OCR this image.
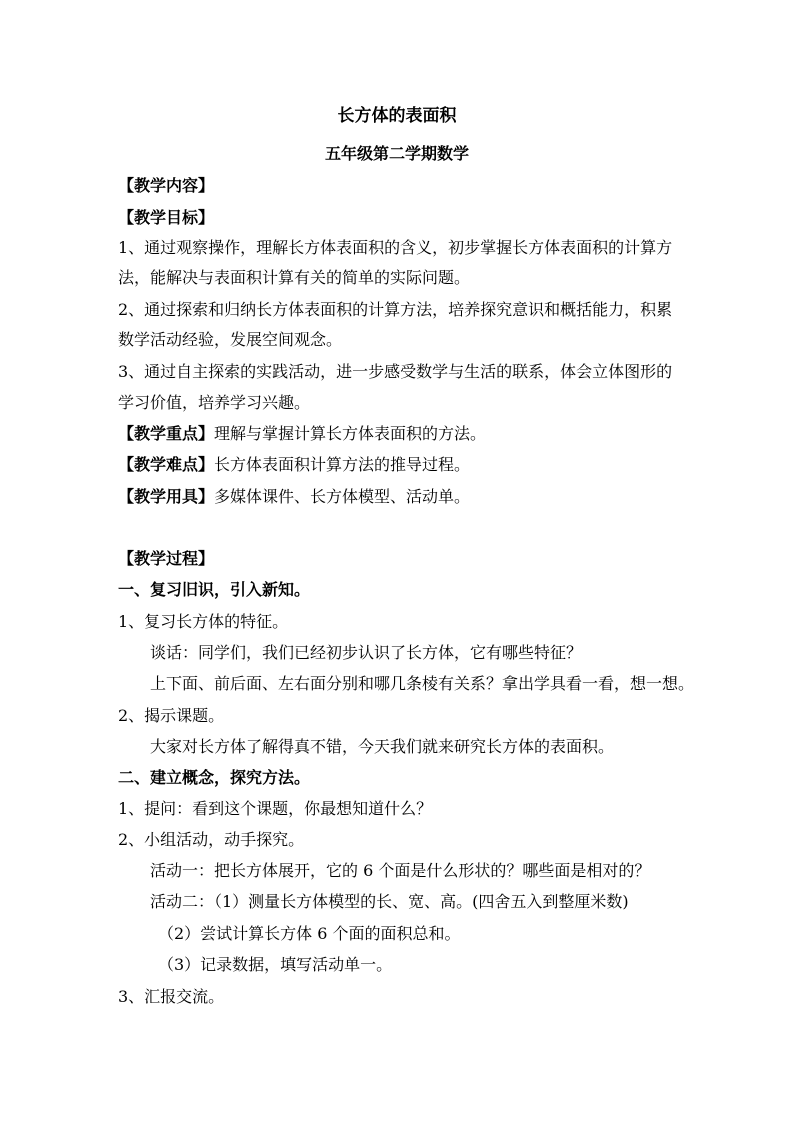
长方体的表面积
五年级第二学期数学
【教学内容】
【教学目标】
1、通过观察操作，理解长方体表面积的含义，初步掌握长方体表面积的计算方
法，能解决与表面积计算有关的简单的实际问题。
2、通过探索和归纳长方体表面积的计算方法，培养探究意识和概括能力，积累
数学活动经验，发展空间观念。
3、通过自主探索的实践活动，进一步感受数学与生活的联系，体会立体图形的
学习价值，培养学习兴趣。
【教学重点】理解与掌握计算长方体表面积的方法。
【教学难点】长方体表面积计算方法的推导过程。
【教学用具】多媒体课件、长方体模型、活动单。
【教学过程】
一、复习旧识，引入新知。
1、复习长方体的特征。
谈话：同学们，我们已经初步认识了长方体，它有哪些特征？
上下面、前后面、左右面分别和哪几条棱有关系？拿出学具看一看，想一想。
2、揭示课题。
大家对长方体了解得真不错，今天我们就来研究长方体的表面积。
二、建立概念，探究方法。
1、提问：看到这个课题，你最想知道什么？
2、小组活动，动手探究。
活动一：把长方体展开，它的 6 个面是什么形状的？哪些面是相对的？
活动二：（1）测量长方体模型的长、宽、高。(四舍五入到整厘米数)
（2）尝试计算长方体 6 个面的面积总和。
（3）记录数据，填写活动单一。
3、汇报交流。
